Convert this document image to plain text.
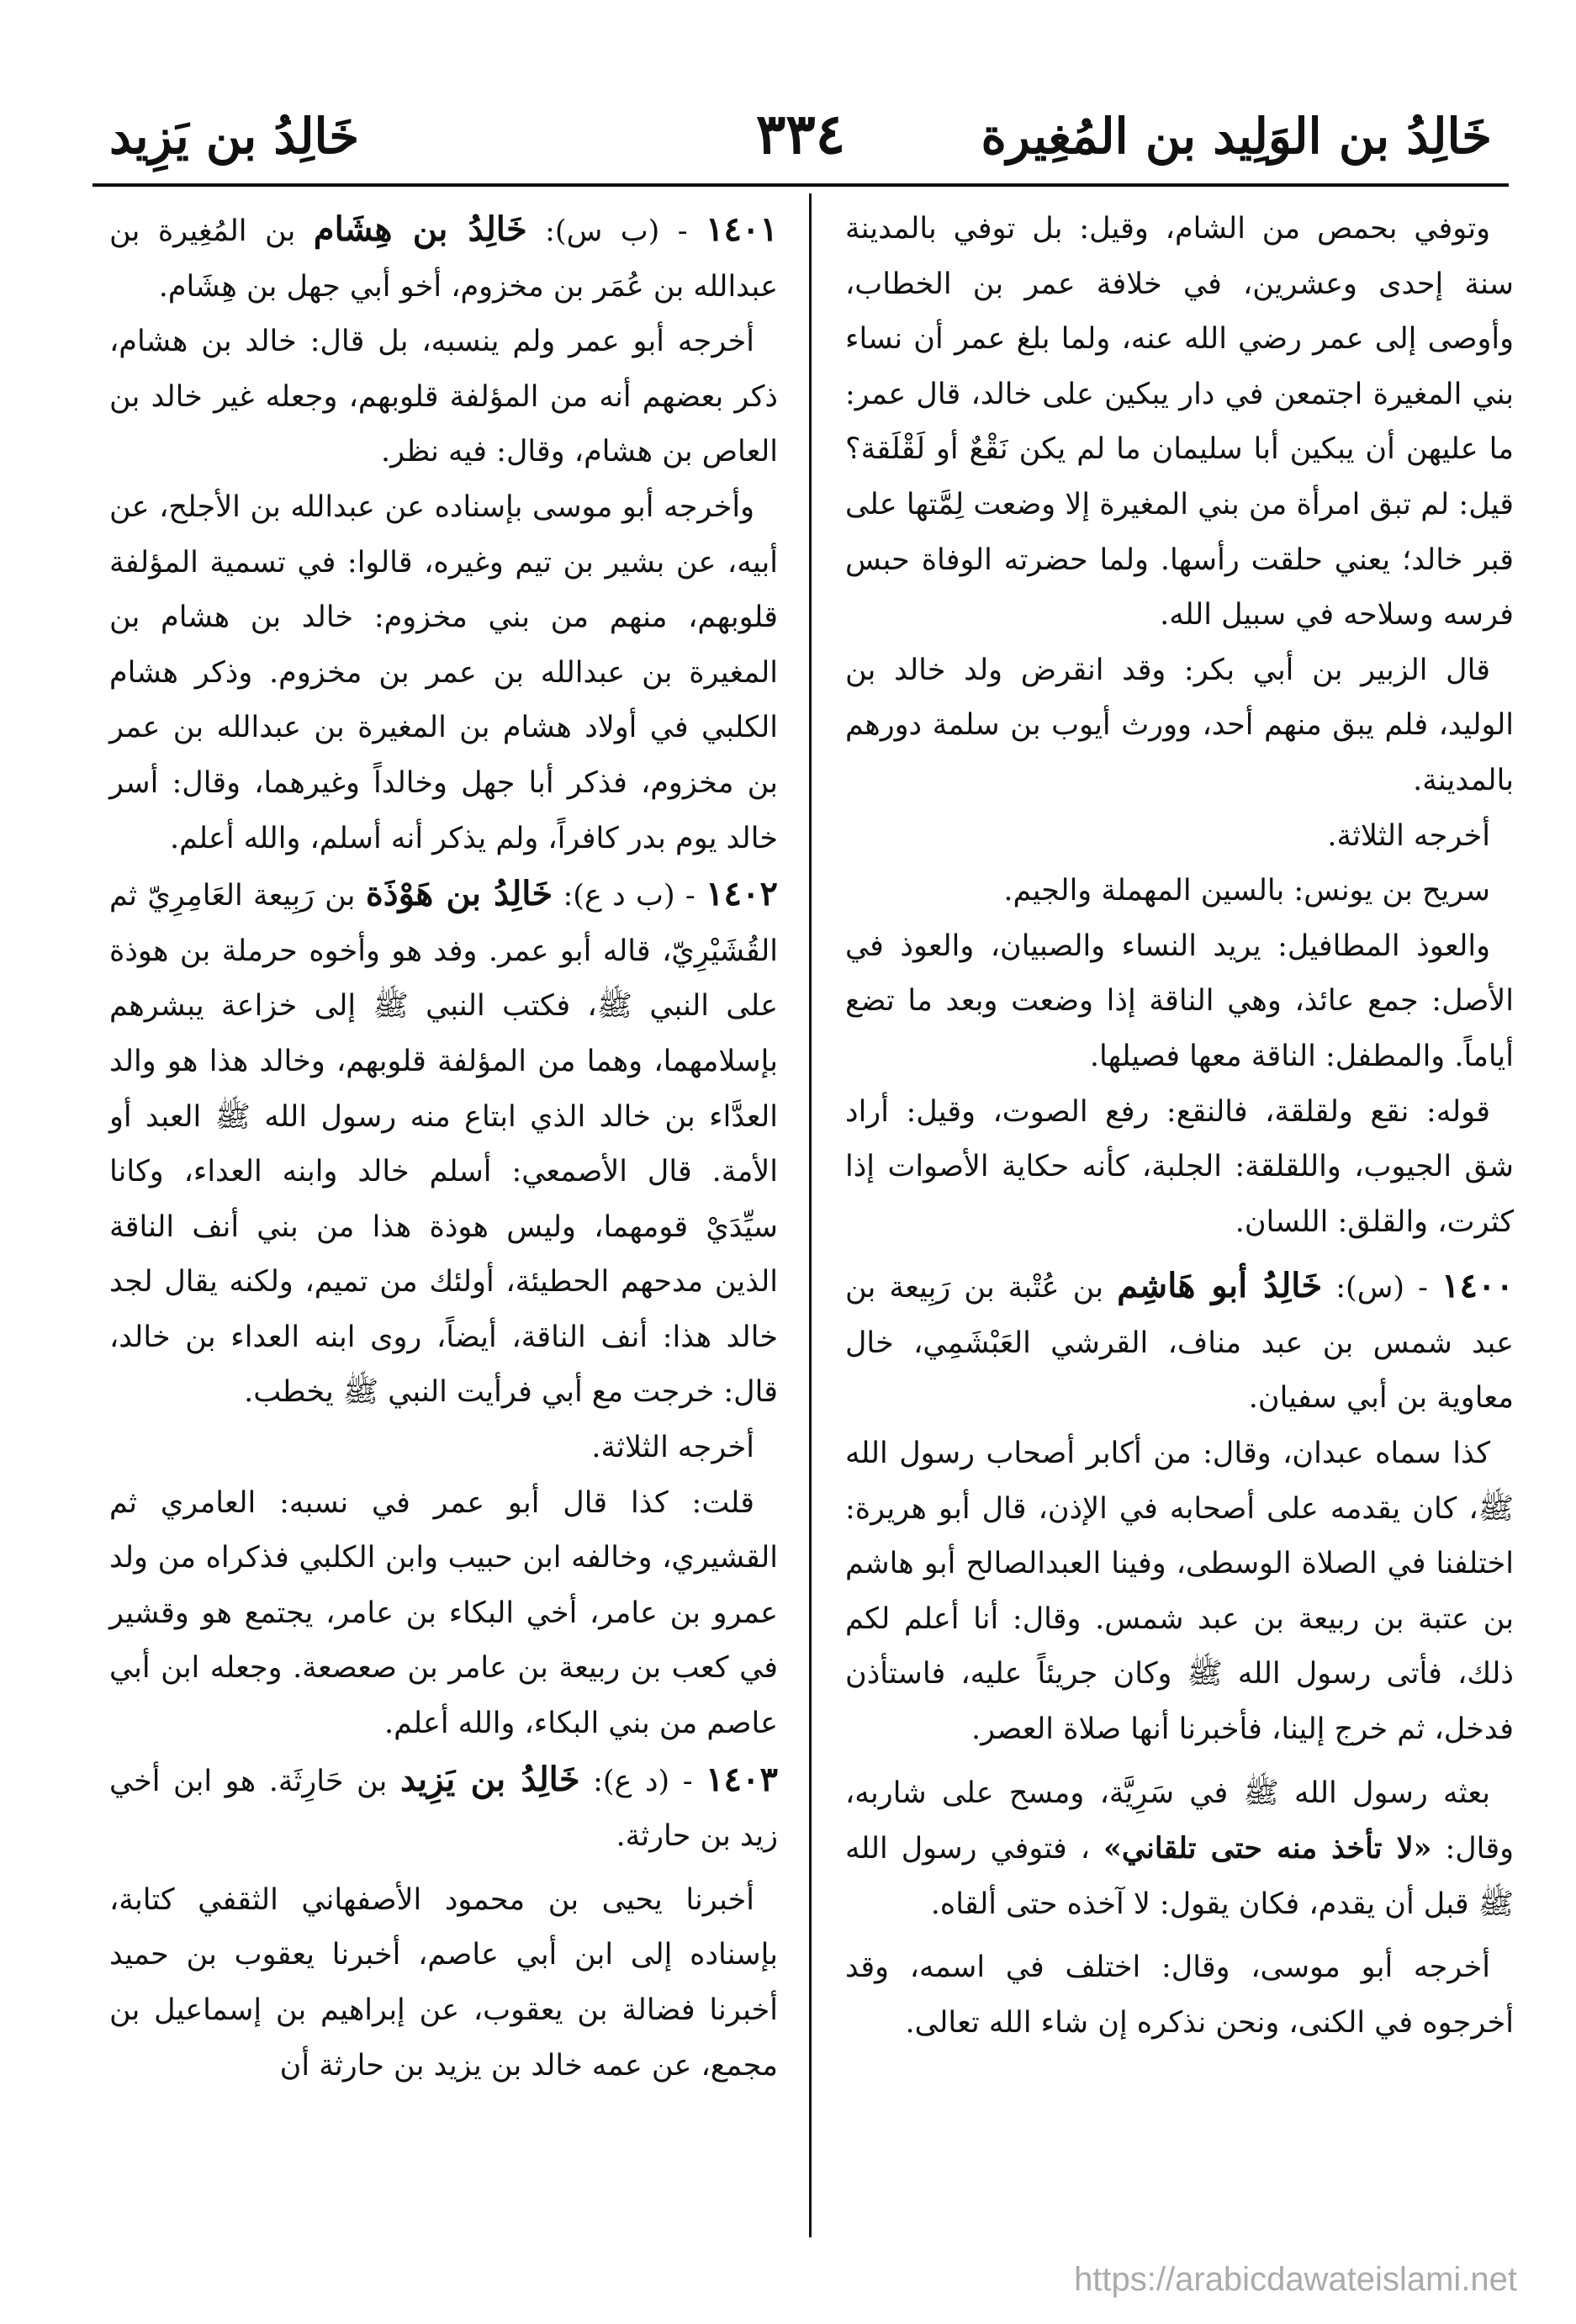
خَالِدُ بن الوَلِيد بن المُغِيرة
٣٣٤
خَالِدُ بن يَزِيد

وتوفي بحمص من الشام، وقيل: بل توفي بالمدينة سنة إحدى وعشرين، في خلافة عمر بن الخطاب، وأوصى إلى عمر رضي الله عنه، ولما بلغ عمر أن نساء بني المغيرة اجتمعن في دار يبكين على خالد، قال عمر: ما عليهن أن يبكين أبا سليمان ما لم يكن نَقْعٌ أو لَقْلَقة؟ قيل: لم تبق امرأة من بني المغيرة إلا وضعت لِمَّتها على قبر خالد؛ يعني حلقت رأسها. ولما حضرته الوفاة حبس فرسه وسلاحه في سبيل الله.

قال الزبير بن أبي بكر: وقد انقرض ولد خالد بن الوليد، فلم يبق منهم أحد، وورث أيوب بن سلمة دورهم بالمدينة.

أخرجه الثلاثة.

سريح بن يونس: بالسين المهملة والجيم.

والعوذ المطافيل: يريد النساء والصبيان، والعوذ في الأصل: جمع عائذ، وهي الناقة إذا وضعت وبعد ما تضع أياماً. والمطفل: الناقة معها فصيلها.

قوله: نقع ولقلقة، فالنقع: رفع الصوت، وقيل: أراد شق الجيوب، واللقلقة: الجلبة، كأنه حكاية الأصوات إذا كثرت، والقلق: اللسان.

١٤٠٠ - (س): خَالِدُ أبو هَاشِم بن عُتْبة بن رَبِيعة بن عبد شمس بن عبد مناف، القرشي العَبْشَمِي، خال معاوية بن أبي سفيان.

كذا سماه عبدان، وقال: من أكابر أصحاب رسول الله ﷺ، كان يقدمه على أصحابه في الإذن، قال أبو هريرة: اختلفنا في الصلاة الوسطى، وفينا العبدالصالح أبو هاشم بن عتبة بن ربيعة بن عبد شمس. وقال: أنا أعلم لكم ذلك، فأتى رسول الله ﷺ وكان جريئاً عليه، فاستأذن فدخل، ثم خرج إلينا، فأخبرنا أنها صلاة العصر.

بعثه رسول الله ﷺ في سَرِيَّة، ومسح على شاربه، وقال: «لا تأخذ منه حتى تلقاني» ، فتوفي رسول الله ﷺ قبل أن يقدم، فكان يقول: لا آخذه حتى ألقاه.

أخرجه أبو موسى، وقال: اختلف في اسمه، وقد أخرجوه في الكنى، ونحن نذكره إن شاء الله تعالى.

١٤٠١ - (ب س): خَالِدُ بن هِشَام بن المُغِيرة بن عبدالله بن عُمَر بن مخزوم، أخو أبي جهل بن هِشَام.

أخرجه أبو عمر ولم ينسبه، بل قال: خالد بن هشام، ذكر بعضهم أنه من المؤلفة قلوبهم، وجعله غير خالد بن العاص بن هشام، وقال: فيه نظر.

وأخرجه أبو موسى بإسناده عن عبدالله بن الأجلح، عن أبيه، عن بشير بن تيم وغيره، قالوا: في تسمية المؤلفة قلوبهم، منهم من بني مخزوم: خالد بن هشام بن المغيرة بن عبدالله بن عمر بن مخزوم. وذكر هشام الكلبي في أولاد هشام بن المغيرة بن عبدالله بن عمر بن مخزوم، فذكر أبا جهل وخالداً وغيرهما، وقال: أسر خالد يوم بدر كافراً، ولم يذكر أنه أسلم، والله أعلم.

١٤٠٢ - (ب د ع): خَالِدُ بن هَوْذَة بن رَبِيعة العَامِرِيّ ثم القُشَيْرِيّ، قاله أبو عمر. وفد هو وأخوه حرملة بن هوذة على النبي ﷺ، فكتب النبي ﷺ إلى خزاعة يبشرهم بإسلامهما، وهما من المؤلفة قلوبهم، وخالد هذا هو والد العدَّاء بن خالد الذي ابتاع منه رسول الله ﷺ العبد أو الأمة. قال الأصمعي: أسلم خالد وابنه العداء، وكانا سيِّدَيْ قومهما، وليس هوذة هذا من بني أنف الناقة الذين مدحهم الحطيئة، أولئك من تميم، ولكنه يقال لجد خالد هذا: أنف الناقة، أيضاً، روى ابنه العداء بن خالد، قال: خرجت مع أبي فرأيت النبي ﷺ يخطب.

أخرجه الثلاثة.

قلت: كذا قال أبو عمر في نسبه: العامري ثم القشيري، وخالفه ابن حبيب وابن الكلبي فذكراه من ولد عمرو بن عامر، أخي البكاء بن عامر، يجتمع هو وقشير في كعب بن ربيعة بن عامر بن صعصعة. وجعله ابن أبي عاصم من بني البكاء، والله أعلم.

١٤٠٣ - (د ع): خَالِدُ بن يَزِيد بن حَارِثَة. هو ابن أخي زيد بن حارثة.

أخبرنا يحيى بن محمود الأصفهاني الثقفي كتابة، بإسناده إلى ابن أبي عاصم، أخبرنا يعقوب بن حميد أخبرنا فضالة بن يعقوب، عن إبراهيم بن إسماعيل بن مجمع، عن عمه خالد بن يزيد بن حارثة أن

https://arabicdawateislami.net
